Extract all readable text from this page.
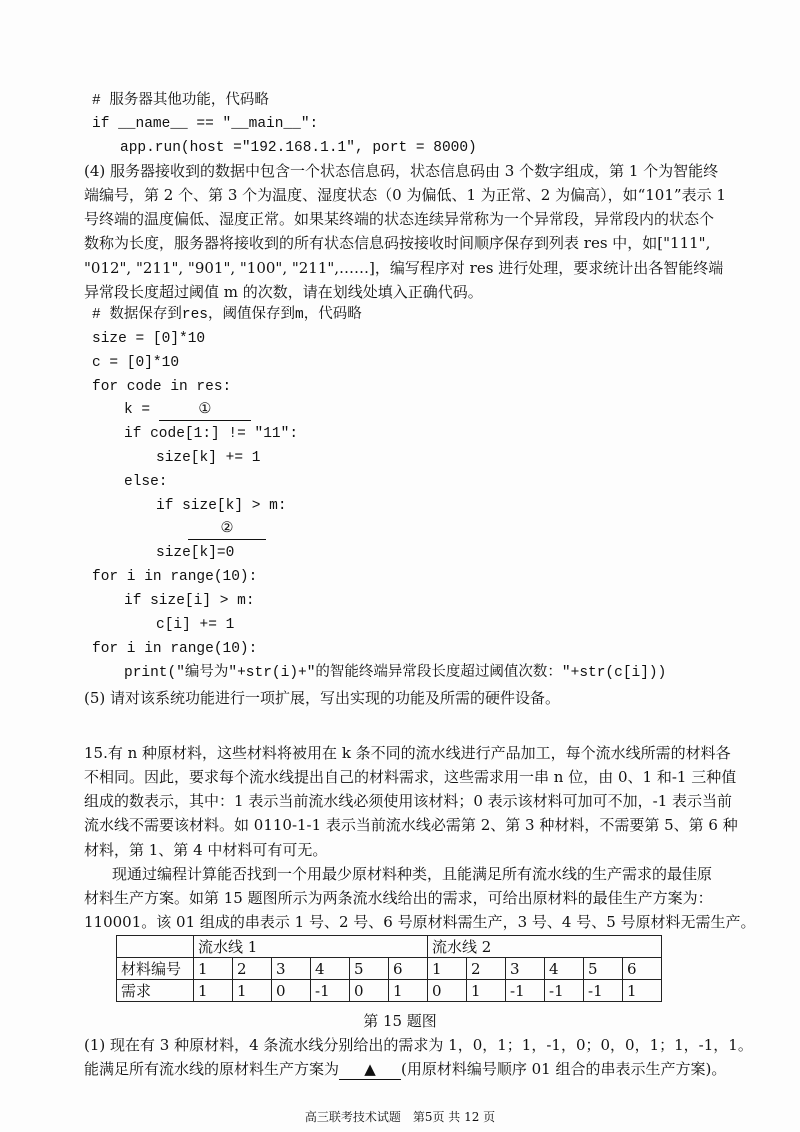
# 服务器其他功能，代码略
if __name__ == "__main__":
app.run(host ="192.168.1.1", port = 8000)
(4) 服务器接收到的数据中包含一个状态信息码，状态信息码由 3 个数字组成，第 1 个为智能终
端编号，第 2 个、第 3 个为温度、湿度状态（0 为偏低、1 为正常、2 为偏高），如“101”表示 1
号终端的温度偏低、湿度正常。如果某终端的状态连续异常称为一个异常段，异常段内的状态个
数称为长度，服务器将接收到的所有状态信息码按接收时间顺序保存到列表 res 中，如["111",
"012", "211", "901", "100", "211",……]，编写程序对 res 进行处理，要求统计出各智能终端
异常段长度超过阈值 m 的次数，请在划线处填入正确代码。
# 数据保存到res，阈值保存到m，代码略
size = [0]*10
c = [0]*10
for code in res:
k =	①
if code[1:] != "11":
size[k] += 1
else:
if size[k] > m:
②
size[k]=0
for i in range(10):
if size[i] > m:
c[i] += 1
for i in range(10):
print("编号为"+str(i)+"的智能终端异常段长度超过阈值次数："+str(c[i]))
(5) 请对该系统功能进行一项扩展，写出实现的功能及所需的硬件设备。
15.有 n 种原材料，这些材料将被用在 k 条不同的流水线进行产品加工，每个流水线所需的材料各
不相同。因此，要求每个流水线提出自己的材料需求，这些需求用一串 n 位，由 0、1 和-1 三种值
组成的数表示，其中：1 表示当前流水线必须使用该材料；0 表示该材料可加可不加，-1 表示当前
流水线不需要该材料。如 0110-1-1 表示当前流水线必需第 2、第 3 种材料，不需要第 5、第 6 种
材料，第 1、第 4 中材料可有可无。
现通过编程计算能否找到一个用最少原材料种类，且能满足所有流水线的生产需求的最佳原
材料生产方案。如第 15 题图所示为两条流水线给出的需求，可给出原材料的最佳生产方案为：
110001。该 01 组成的串表示 1 号、2 号、6 号原材料需生产，3 号、4 号、5 号原材料无需生产。
	流水线 1						流水线 2					
材料编号	1	2	3	4	5	6	1	2	3	4	5	6
需求	1	1	0	-1	0	1	0	1	-1	-1	-1	1
第 15 题图
(1) 现在有 3 种原材料，4 条流水线分别给出的需求为 1，0，1；1，-1，0；0，0，1；1，-1，1。
能满足所有流水线的原材料生产方案为 ▲ (用原材料编号顺序 01 组合的串表示生产方案)。
高三联考技术试题　第5页 共 12 页
